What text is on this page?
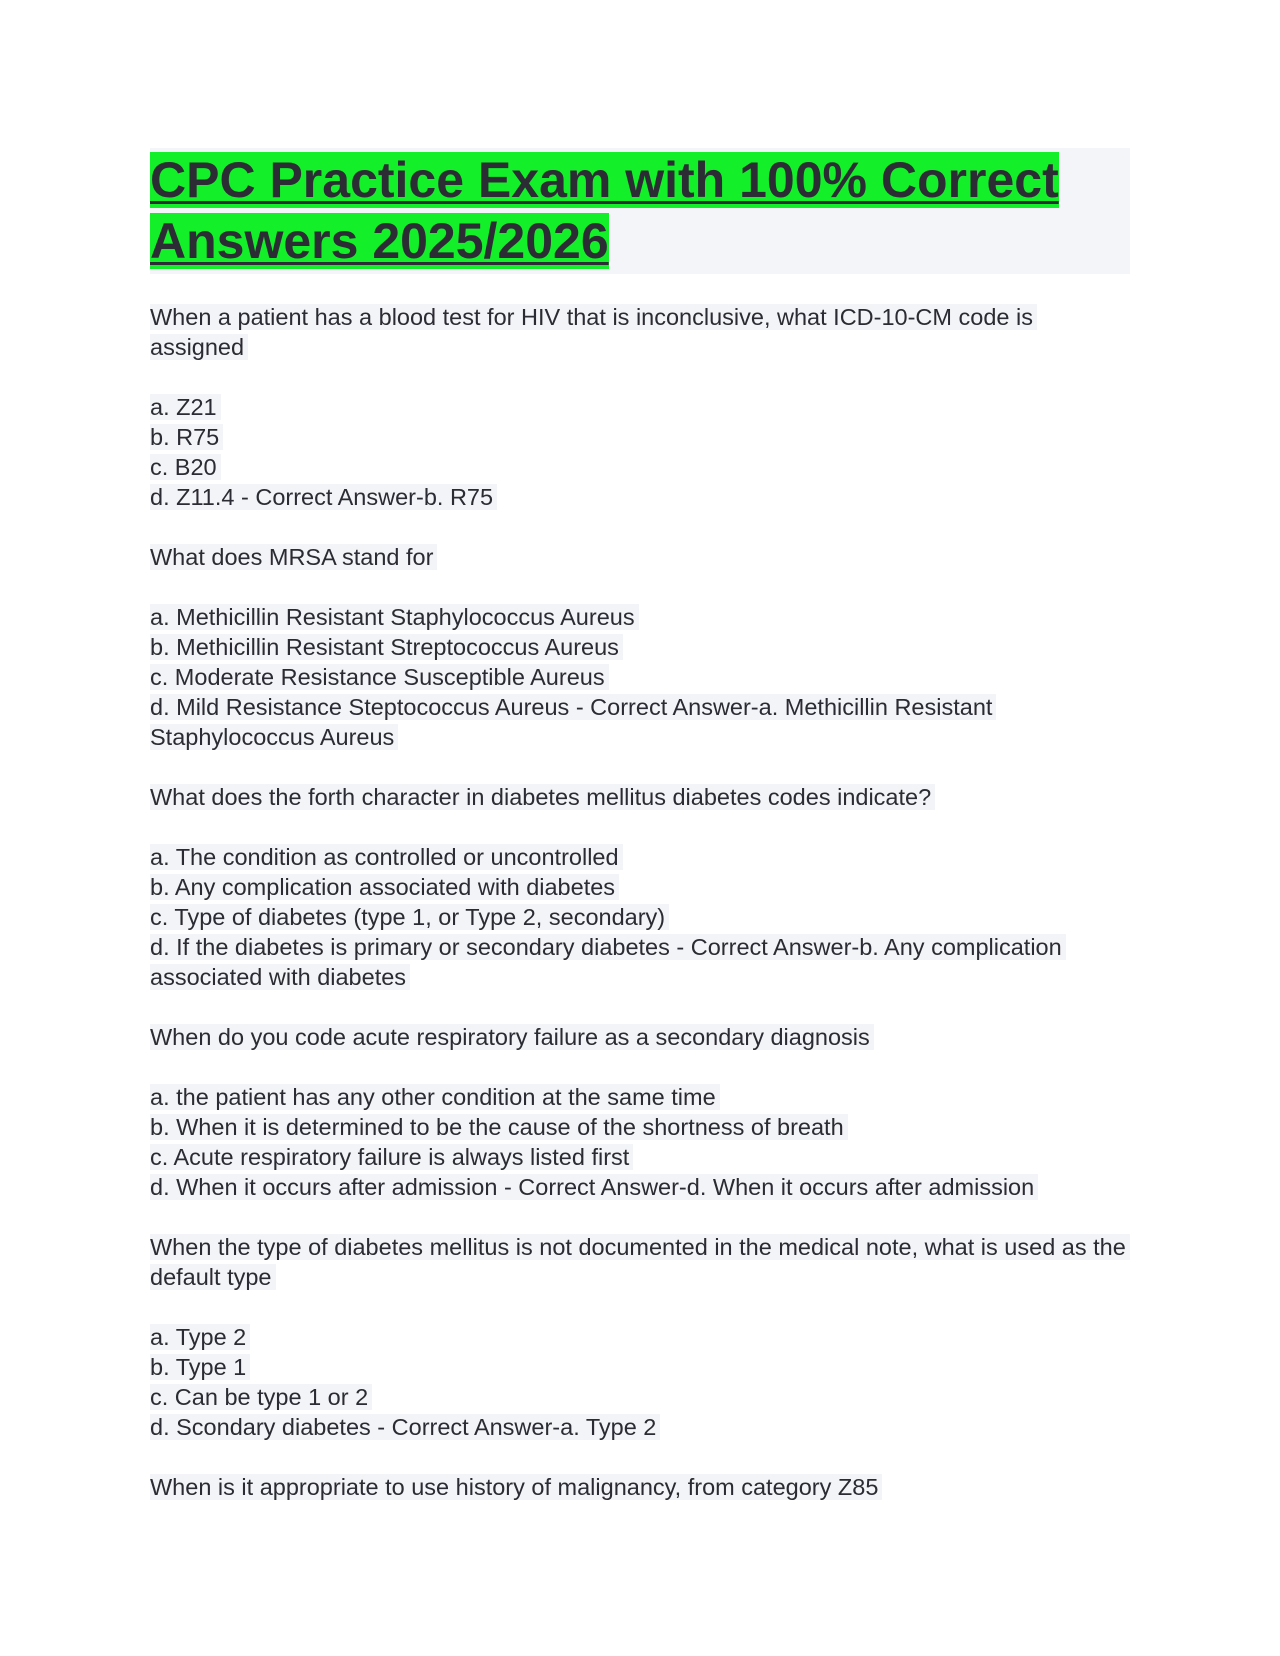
CPC Practice Exam with 100% Correct Answers 2025/2026

When a patient has a blood test for HIV that is inconclusive, what ICD-10-CM code is assigned

a. Z21

b. R75

c. B20

d. Z11.4 - Correct Answer-b. R75

What does MRSA stand for

a. Methicillin Resistant Staphylococcus Aureus

b. Methicillin Resistant Streptococcus Aureus

c. Moderate Resistance Susceptible Aureus

d. Mild Resistance Steptococcus Aureus - Correct Answer-a. Methicillin Resistant Staphylococcus Aureus

What does the forth character in diabetes mellitus diabetes codes indicate?

a. The condition as controlled or uncontrolled

b. Any complication associated with diabetes

c. Type of diabetes (type 1, or Type 2, secondary)

d. If the diabetes is primary or secondary diabetes - Correct Answer-b. Any complication associated with diabetes

When do you code acute respiratory failure as a secondary diagnosis

a. the patient has any other condition at the same time

b. When it is determined to be the cause of the shortness of breath

c. Acute respiratory failure is always listed first

d. When it occurs after admission - Correct Answer-d. When it occurs after admission

When the type of diabetes mellitus is not documented in the medical note, what is used as the default type

a. Type 2

b. Type 1

c. Can be type 1 or 2

d. Scondary diabetes - Correct Answer-a. Type 2

When is it appropriate to use history of malignancy, from category Z85
